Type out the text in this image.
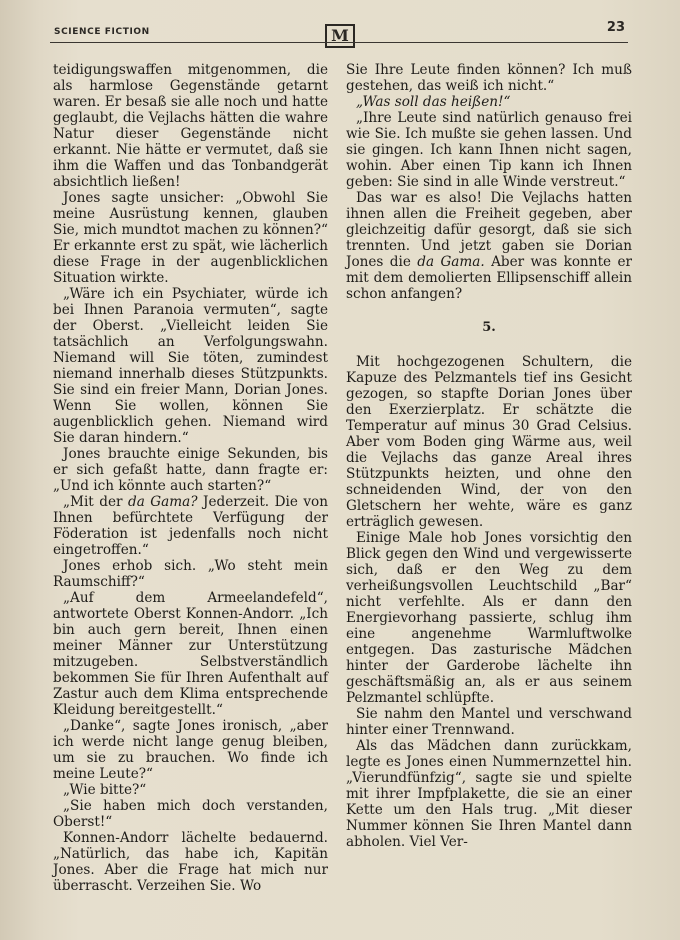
SCIENCE FICTION	M	23

teidigungswaffen mitgenommen, die als harmlose Gegenstände getarnt waren. Er besaß sie alle noch und hatte geglaubt, die Vejlachs hätten die wahre Natur dieser Gegenstände nicht erkannt. Nie hätte er vermutet, daß sie ihm die Waffen und das Tonbandgerät absichtlich ließen!

Jones sagte unsicher: „Obwohl Sie meine Ausrüstung kennen, glauben Sie, mich mundtot machen zu können?“ Er erkannte erst zu spät, wie lächerlich diese Frage in der augenblicklichen Situation wirkte.

„Wäre ich ein Psychiater, würde ich bei Ihnen Paranoia vermuten“, sagte der Oberst. „Vielleicht leiden Sie tatsächlich an Verfolgungswahn. Niemand will Sie töten, zumindest niemand innerhalb dieses Stützpunkts. Sie sind ein freier Mann, Dorian Jones. Wenn Sie wollen, können Sie augenblicklich gehen. Niemand wird Sie daran hindern.“

Jones brauchte einige Sekunden, bis er sich gefaßt hatte, dann fragte er: „Und ich könnte auch starten?“

„Mit der da Gama? Jederzeit. Die von Ihnen befürchtete Verfügung der Föderation ist jedenfalls noch nicht eingetroffen.“

Jones erhob sich. „Wo steht mein Raumschiff?“

„Auf dem Armeelandefeld“, antwortete Oberst Konnen-Andorr. „Ich bin auch gern bereit, Ihnen einen meiner Männer zur Unterstützung mitzugeben. Selbstverständlich bekommen Sie für Ihren Aufenthalt auf Zastur auch dem Klima entsprechende Kleidung bereitgestellt.“

„Danke“, sagte Jones ironisch, „aber ich werde nicht lange genug bleiben, um sie zu brauchen. Wo finde ich meine Leute?“

„Wie bitte?“

„Sie haben mich doch verstanden, Oberst!“

Konnen-Andorr lächelte bedauernd. „Natürlich, das habe ich, Kapitän Jones. Aber die Frage hat mich nur überrascht. Verzeihen Sie. Wo

Sie Ihre Leute finden können? Ich muß gestehen, das weiß ich nicht.“

„Was soll das heißen!“

„Ihre Leute sind natürlich genauso frei wie Sie. Ich mußte sie gehen lassen. Und sie gingen. Ich kann Ihnen nicht sagen, wohin. Aber einen Tip kann ich Ihnen geben: Sie sind in alle Winde verstreut.“

Das war es also! Die Vejlachs hatten ihnen allen die Freiheit gegeben, aber gleichzeitig dafür gesorgt, daß sie sich trennten. Und jetzt gaben sie Dorian Jones die da Gama. Aber was konnte er mit dem demolierten Ellipsenschiff allein schon anfangen?

5.

Mit hochgezogenen Schultern, die Kapuze des Pelzmantels tief ins Gesicht gezogen, so stapfte Dorian Jones über den Exerzierplatz. Er schätzte die Temperatur auf minus 30 Grad Celsius. Aber vom Boden ging Wärme aus, weil die Vejlachs das ganze Areal ihres Stützpunkts heizten, und ohne den schneidenden Wind, der von den Gletschern her wehte, wäre es ganz erträglich gewesen.

Einige Male hob Jones vorsichtig den Blick gegen den Wind und vergewisserte sich, daß er den Weg zu dem verheißungsvollen Leuchtschild „Bar“ nicht verfehlte. Als er dann den Energievorhang passierte, schlug ihm eine angenehme Warmluftwolke entgegen. Das zasturische Mädchen hinter der Garderobe lächelte ihn geschäftsmäßig an, als er aus seinem Pelzmantel schlüpfte.

Sie nahm den Mantel und verschwand hinter einer Trennwand.

Als das Mädchen dann zurückkam, legte es Jones einen Nummernzettel hin. „Vierundfünfzig“, sagte sie und spielte mit ihrer Impfplakette, die sie an einer Kette um den Hals trug. „Mit dieser Nummer können Sie Ihren Mantel dann abholen. Viel Ver-
